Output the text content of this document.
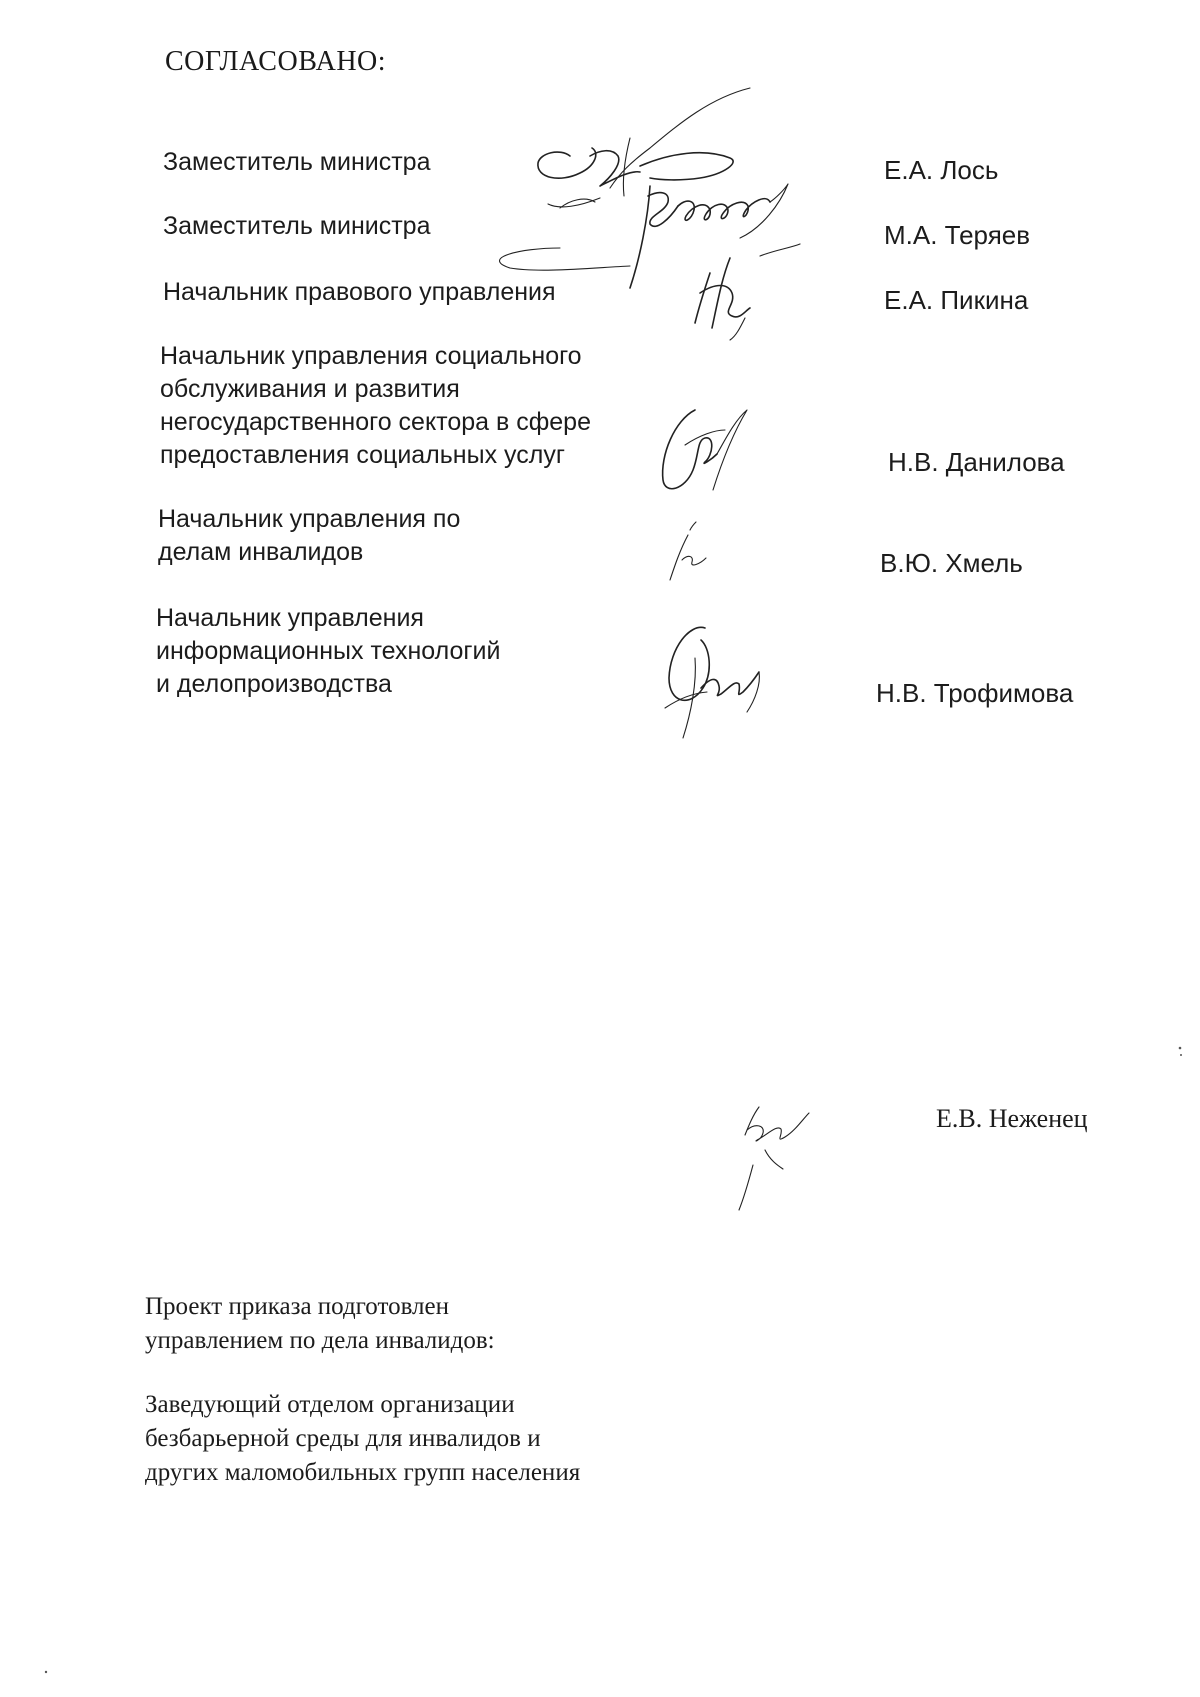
СОГЛАСОВАНО:
Заместитель министра	Е.А. Лось
Заместитель министра	М.А. Теряев
Начальник правового управления	Е.А. Пикина
Начальник управления социального
обслуживания и развития
негосударственного сектора в сфере
предоставления социальных услуг	Н.В. Данилова
Начальник управления по
делам инвалидов	В.Ю. Хмель
Начальник управления
информационных технологий
и делопроизводства	Н.В. Трофимова
Проект приказа подготовлен
управлением по дела инвалидов:
Заведующий отделом организации
безбарьерной среды для инвалидов и
других маломобильных групп населения
Е.В. Неженец
